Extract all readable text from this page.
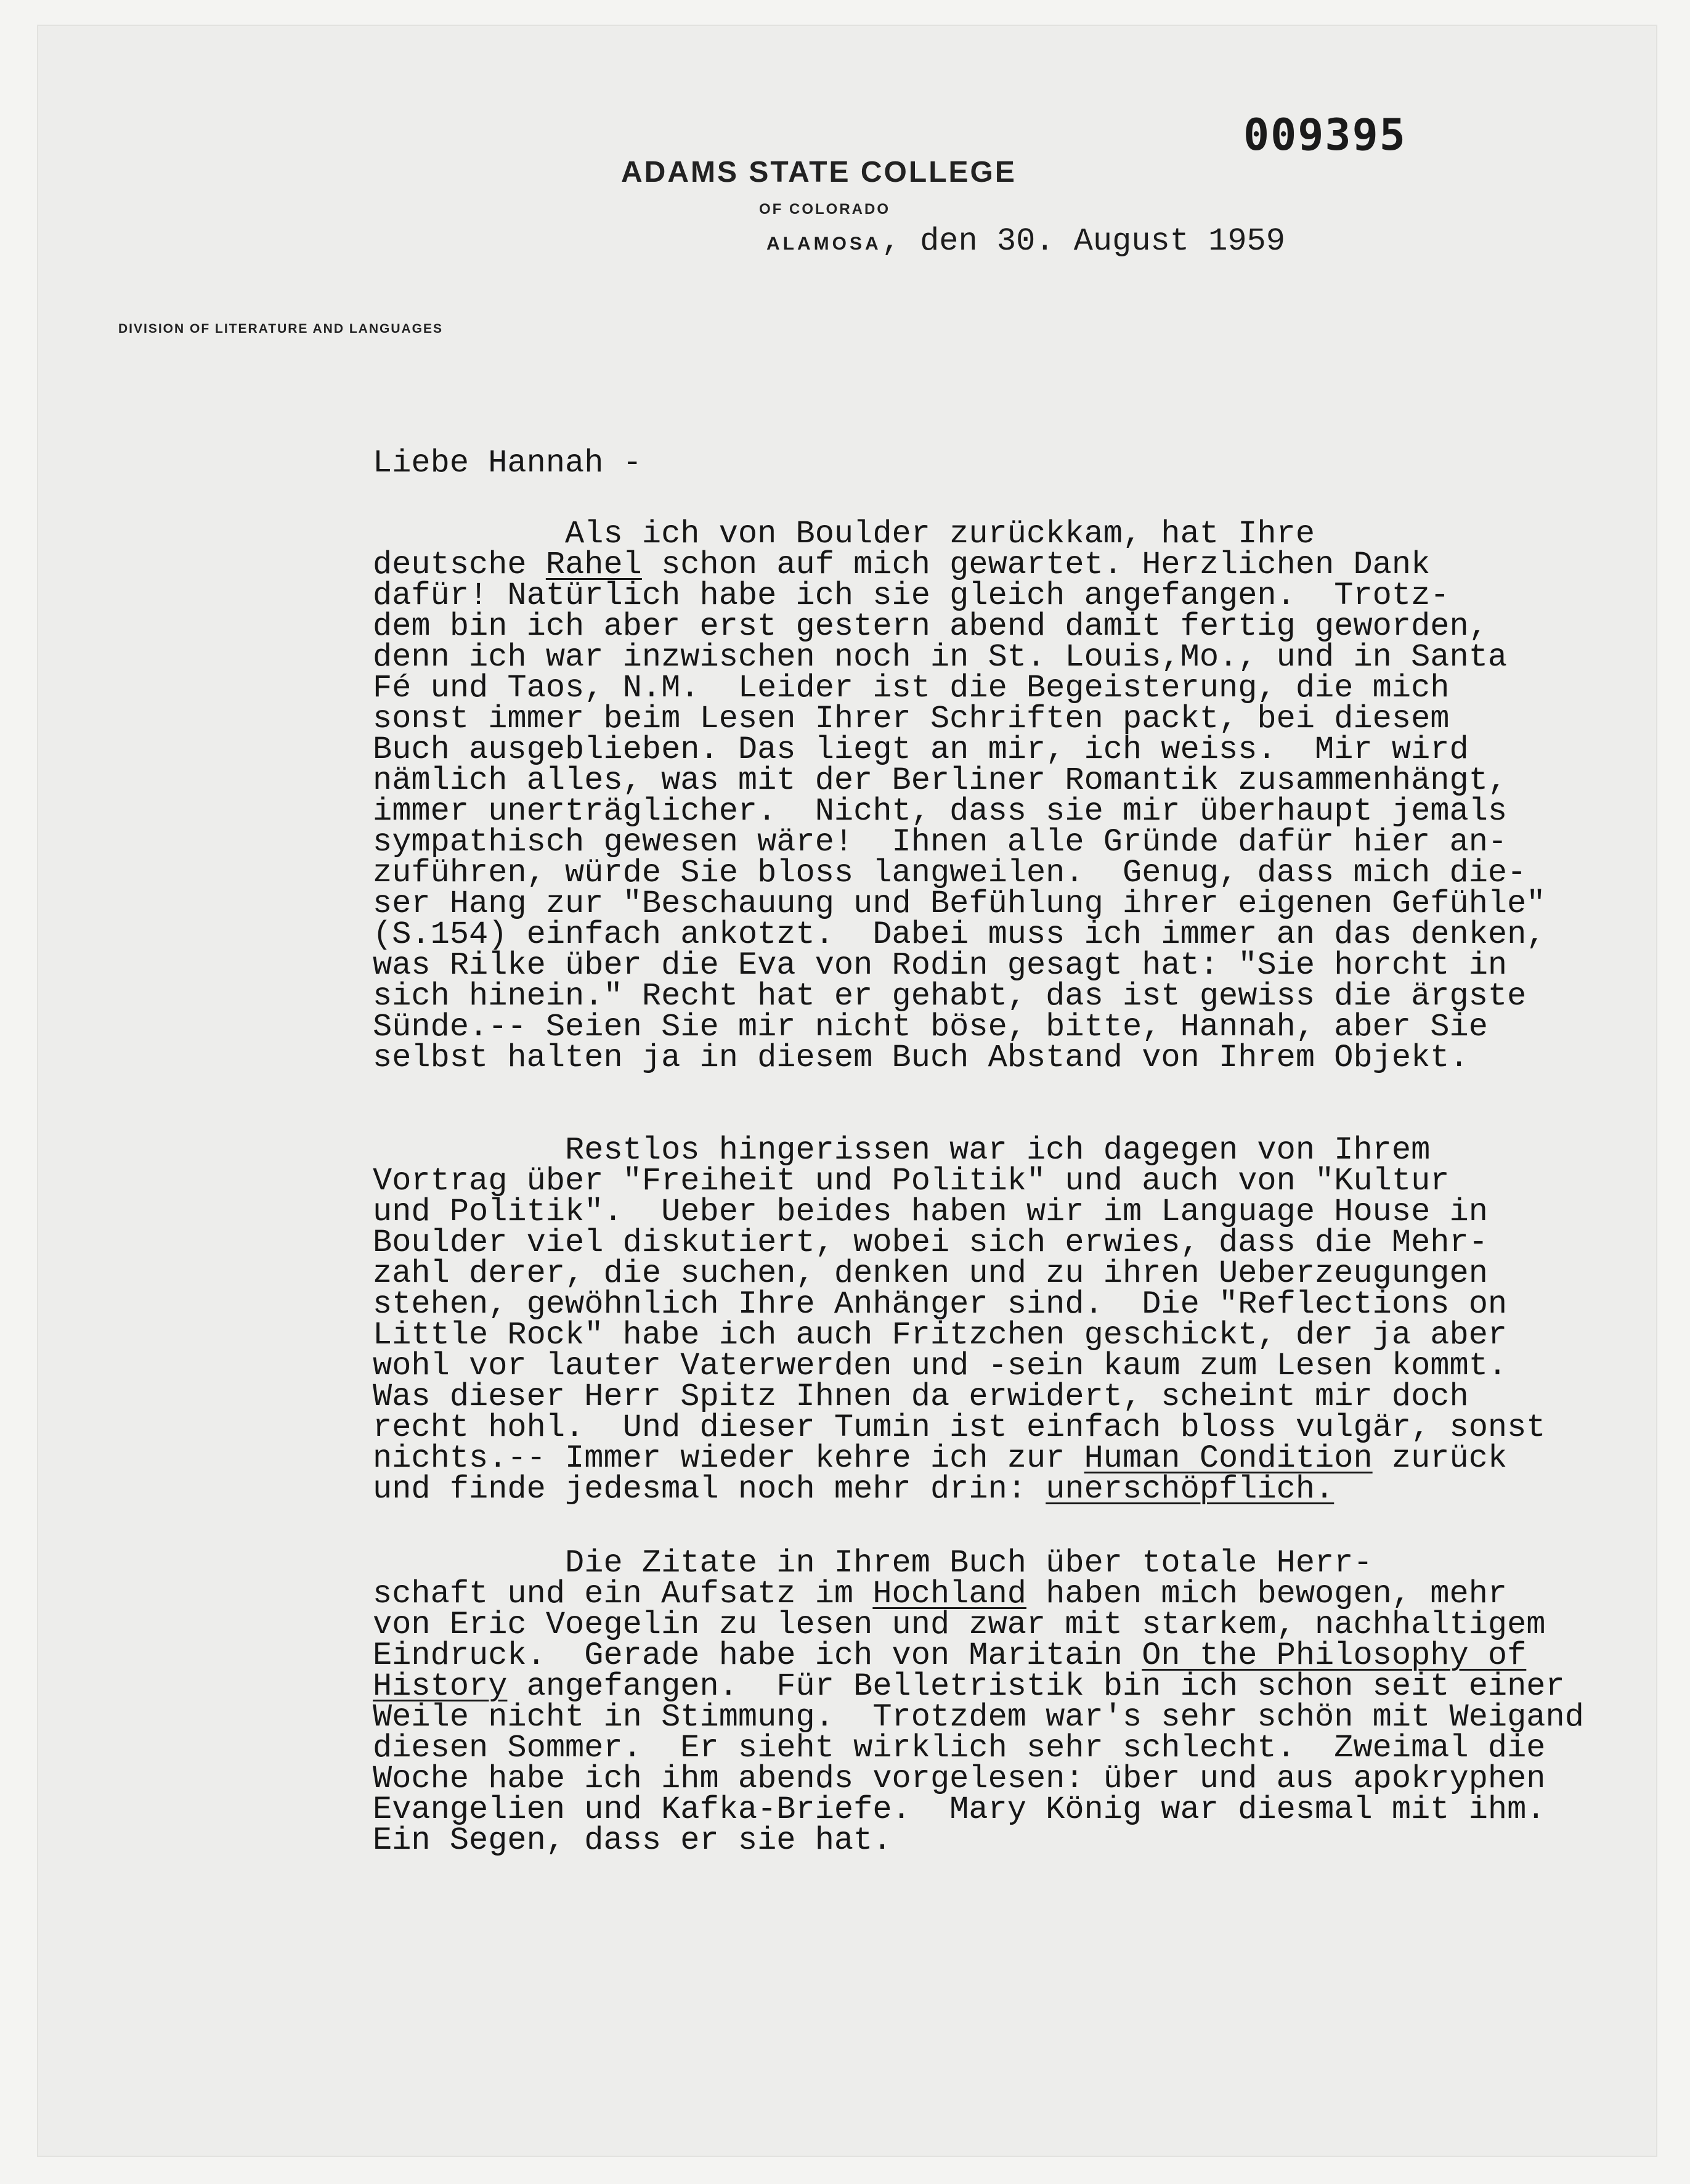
009395
ADAMS STATE COLLEGE
OF COLORADO
ALAMOSA, den 30. August 1959
DIVISION OF LITERATURE AND LANGUAGES
Liebe Hannah -
Als ich von Boulder zurückkam, hat Ihre
deutsche Rahel schon auf mich gewartet. Herzlichen Dank
dafür! Natürlich habe ich sie gleich angefangen.  Trotz-
dem bin ich aber erst gestern abend damit fertig geworden,
denn ich war inzwischen noch in St. Louis,Mo., und in Santa
Fé und Taos, N.M.  Leider ist die Begeisterung, die mich
sonst immer beim Lesen Ihrer Schriften packt, bei diesem
Buch ausgeblieben. Das liegt an mir, ich weiss.  Mir wird
nämlich alles, was mit der Berliner Romantik zusammenhängt,
immer unerträglicher.  Nicht, dass sie mir überhaupt jemals
sympathisch gewesen wäre!  Ihnen alle Gründe dafür hier an-
zuführen, würde Sie bloss langweilen.  Genug, dass mich die-
ser Hang zur "Beschauung und Befühlung ihrer eigenen Gefühle"
(S.154) einfach ankotzt.  Dabei muss ich immer an das denken,
was Rilke über die Eva von Rodin gesagt hat: "Sie horcht in
sich hinein." Recht hat er gehabt, das ist gewiss die ärgste
Sünde.-- Seien Sie mir nicht böse, bitte, Hannah, aber Sie
selbst halten ja in diesem Buch Abstand von Ihrem Objekt.
Restlos hingerissen war ich dagegen von Ihrem
Vortrag über "Freiheit und Politik" und auch von "Kultur
und Politik".  Ueber beides haben wir im Language House in
Boulder viel diskutiert, wobei sich erwies, dass die Mehr-
zahl derer, die suchen, denken und zu ihren Ueberzeugungen
stehen, gewöhnlich Ihre Anhänger sind.  Die "Reflections on
Little Rock" habe ich auch Fritzchen geschickt, der ja aber
wohl vor lauter Vaterwerden und -sein kaum zum Lesen kommt.
Was dieser Herr Spitz Ihnen da erwidert, scheint mir doch
recht hohl.  Und dieser Tumin ist einfach bloss vulgär, sonst
nichts.-- Immer wieder kehre ich zur Human Condition zurück
und finde jedesmal noch mehr drin: unerschöpflich.
Die Zitate in Ihrem Buch über totale Herr-
schaft und ein Aufsatz im Hochland haben mich bewogen, mehr
von Eric Voegelin zu lesen und zwar mit starkem, nachhaltigem
Eindruck.  Gerade habe ich von Maritain On the Philosophy of
History angefangen.  Für Belletristik bin ich schon seit einer
Weile nicht in Stimmung.  Trotzdem war's sehr schön mit Weigand
diesen Sommer.  Er sieht wirklich sehr schlecht.  Zweimal die
Woche habe ich ihm abends vorgelesen: über und aus apokryphen
Evangelien und Kafka-Briefe.  Mary König war diesmal mit ihm.
Ein Segen, dass er sie hat.
